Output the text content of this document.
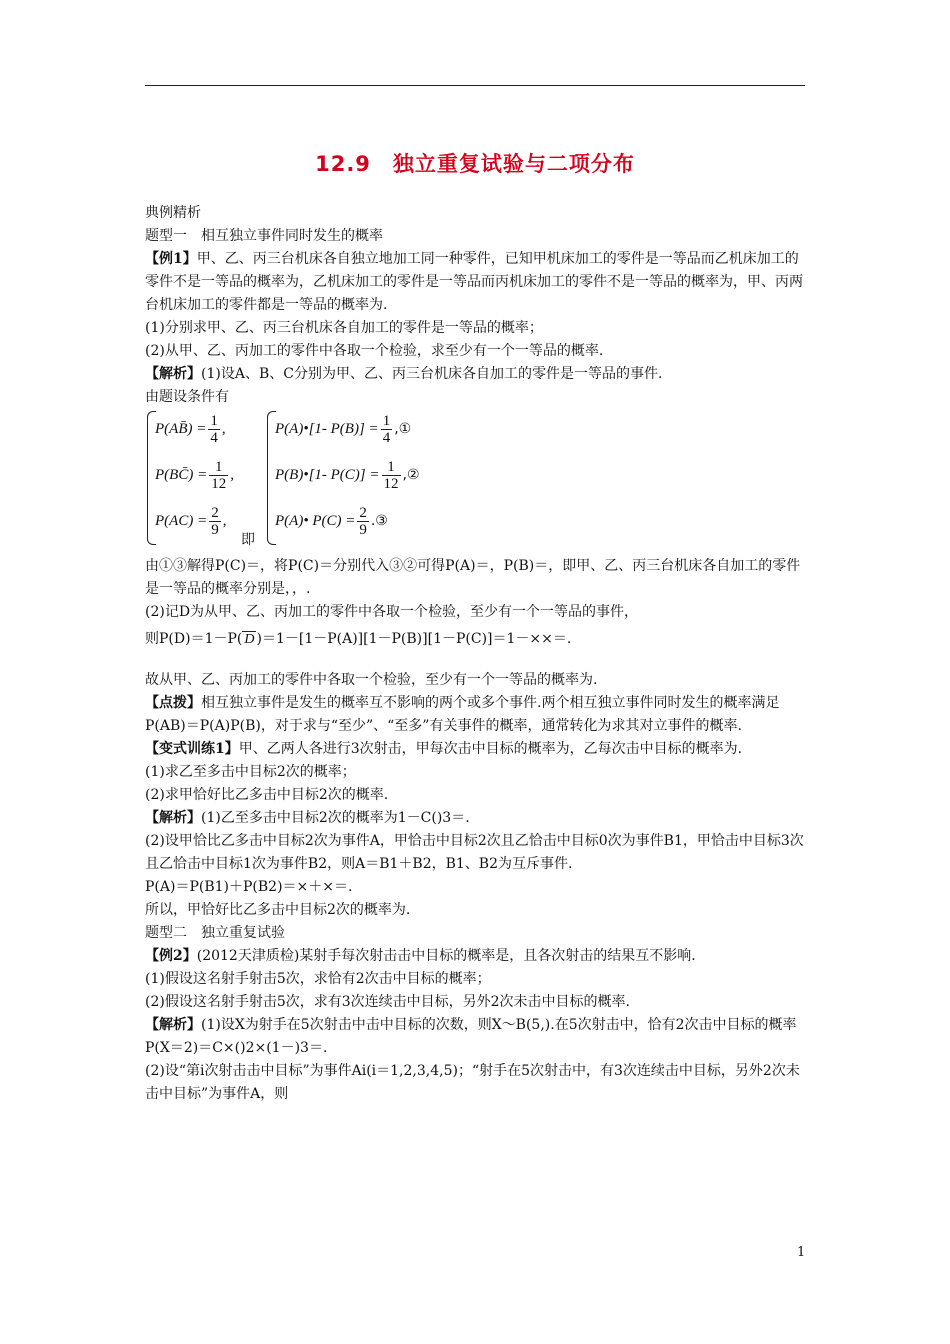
12.9　独立重复试验与二项分布

典例精析

题型一　相互独立事件同时发生的概率

【例1】甲、乙、丙三台机床各自独立地加工同一种零件，已知甲机床加工的零件是一等品而乙机床加工的零件不是一等品的概率为，乙机床加工的零件是一等品而丙机床加工的零件不是一等品的概率为，甲、丙两台机床加工的零件都是一等品的概率为.

(1)分别求甲、乙、丙三台机床各自加工的零件是一等品的概率；

(2)从甲、乙、丙加工的零件中各取一个检验，求至少有一个一等品的概率.

【解析】(1)设A、B、C分别为甲、乙、丙三台机床各自加工的零件是一等品的事件.

由题设条件有

P(AB̄) = $\frac{1}{4}$ ,
P(BC̄) = $\frac{1}{12}$ ,
$P(AC) = \frac{2}{9}$ ,
即
P(A)•[1- $P(B)] = \frac{1}{4}$ ,①
P(B)•[1- $P(C)] = \frac{1}{12}$ ,②
P(A)• $P(C) = \frac{2}{9}$ .③

由①③解得P(C)＝，将P(C)＝分别代入③②可得P(A)＝，P(B)＝，即甲、乙、丙三台机床各自加工的零件是一等品的概率分别是，，.

(2)记D为从甲、乙、丙加工的零件中各取一个检验，至少有一个一等品的事件，

则P(D)＝1－P( D )＝1－[1－P(A)][1－P(B)][1－P(C)]＝1－××＝.

故从甲、乙、丙加工的零件中各取一个检验，至少有一个一等品的概率为.

【点拨】相互独立事件是发生的概率互不影响的两个或多个事件.两个相互独立事件同时发生的概率满足P(AB)＝P(A)P(B)，对于求与“至少”、“至多”有关事件的概率，通常转化为求其对立事件的概率.

【变式训练1】甲、乙两人各进行3次射击，甲每次击中目标的概率为，乙每次击中目标的概率为.

(1)求乙至多击中目标2次的概率；

(2)求甲恰好比乙多击中目标2次的概率.

【解析】(1)乙至多击中目标2次的概率为1－C()3＝.

(2)设甲恰比乙多击中目标2次为事件A，甲恰击中目标2次且乙恰击中目标0次为事件B1，甲恰击中目标3次且乙恰击中目标1次为事件B2，则A＝B1＋B2，B1、B2为互斥事件.

P(A)＝P(B1)＋P(B2)＝×＋×＝.

所以，甲恰好比乙多击中目标2次的概率为.

题型二　独立重复试验

【例2】(2012天津质检)某射手每次射击击中目标的概率是，且各次射击的结果互不影响.

(1)假设这名射手射击5次，求恰有2次击中目标的概率；

(2)假设这名射手射击5次，求有3次连续击中目标，另外2次未击中目标的概率.

【解析】(1)设X为射手在5次射击中击中目标的次数，则X～B(5,).在5次射击中，恰有2次击中目标的概率P(X＝2)＝C×()2×(1－)3＝.

(2)设“第i次射击击中目标”为事件Ai(i＝1,2,3,4,5)；“射手在5次射击中，有3次连续击中目标，另外2次未击中目标”为事件A，则

1
